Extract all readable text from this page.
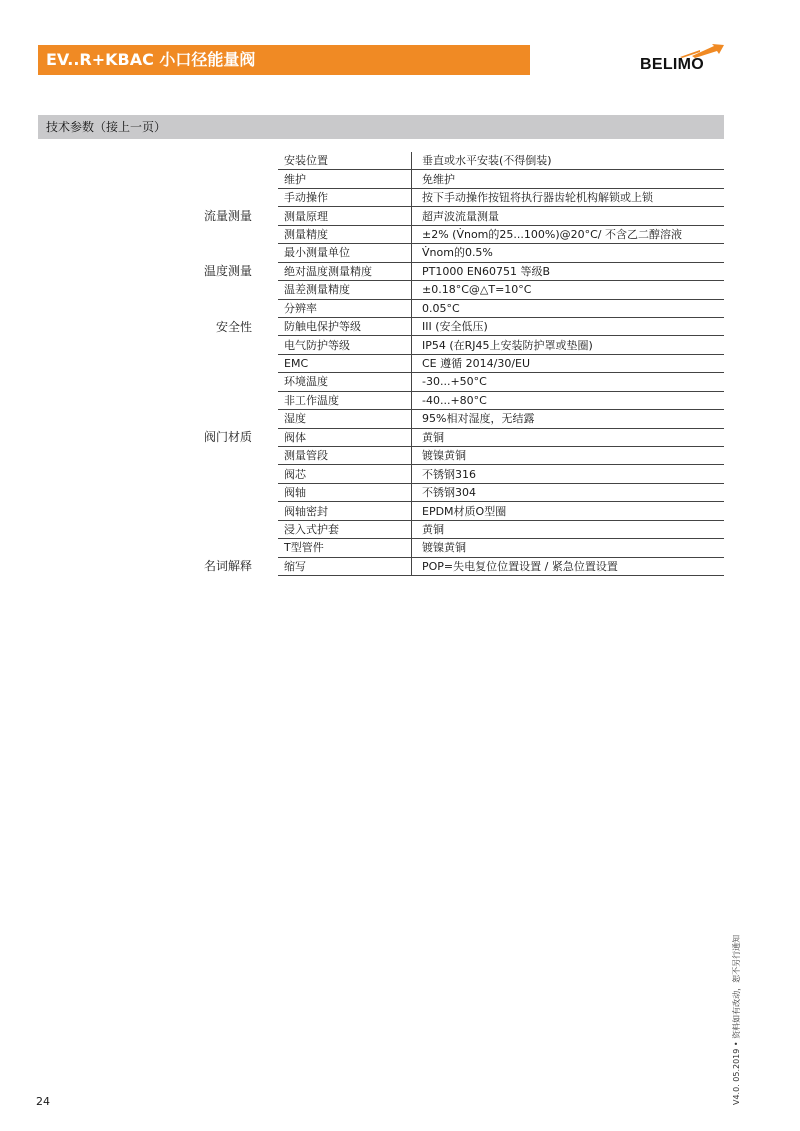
EV..R+KBAC 小口径能量阀	BELIMO
技术参数（接上一页）
	安装位置	垂直或水平安装(不得倒装)
	维护	免维护
	手动操作	按下手动操作按钮将执行器齿轮机构解锁或上锁
流量测量	测量原理	超声波流量测量
	测量精度	±2% (V̇nom的25...100%)@20°C/ 不含乙二醇溶液
	最小测量单位	V̇nom的0.5%
温度测量	绝对温度测量精度	PT1000 EN60751 等级B
	温差测量精度	±0.18°C@△T=10°C
	分辨率	0.05°C
安全性	防触电保护等级	III (安全低压)
	电气防护等级	IP54 (在RJ45上安装防护罩或垫圈)
	EMC	CE 遵循 2014/30/EU
	环境温度	-30...+50°C
	非工作温度	-40...+80°C
	湿度	95%相对湿度，无结露
阀门材质	阀体	黄铜
	测量管段	镀镍黄铜
	阀芯	不锈钢316
	阀轴	不锈钢304
	阀轴密封	EPDM材质O型圈
	浸入式护套	黄铜
	T型管件	镀镍黄铜
名词解释	缩写	POP=失电复位位置设置 / 紧急位置设置
24	V4.0. 05.2019 • 资料如有改动，恕不另行通知
